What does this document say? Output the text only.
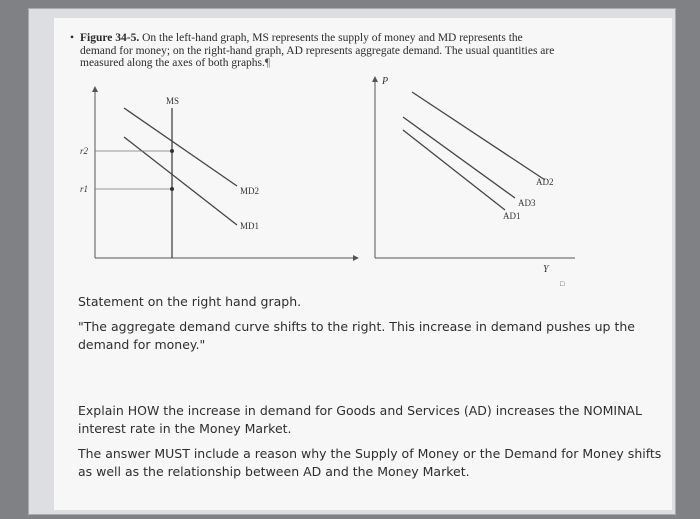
• Figure 34-5. On the left-hand graph, MS represents the supply of money and MD represents the demand for money; on the right-hand graph, AD represents aggregate demand. The usual quantities are measured along the axes of both graphs.¶
MS
r2
r1	MD2
MD1
P
Y
□
AD2
AD3
AD1

Statement on the right hand graph.

"The aggregate demand curve shifts to the right. This increase in demand pushes up the demand for money."

Explain HOW the increase in demand for Goods and Services (AD) increases the NOMINAL interest rate in the Money Market.

The answer MUST include a reason why the Supply of Money or the Demand for Money shifts as well as the relationship between AD and the Money Market.
